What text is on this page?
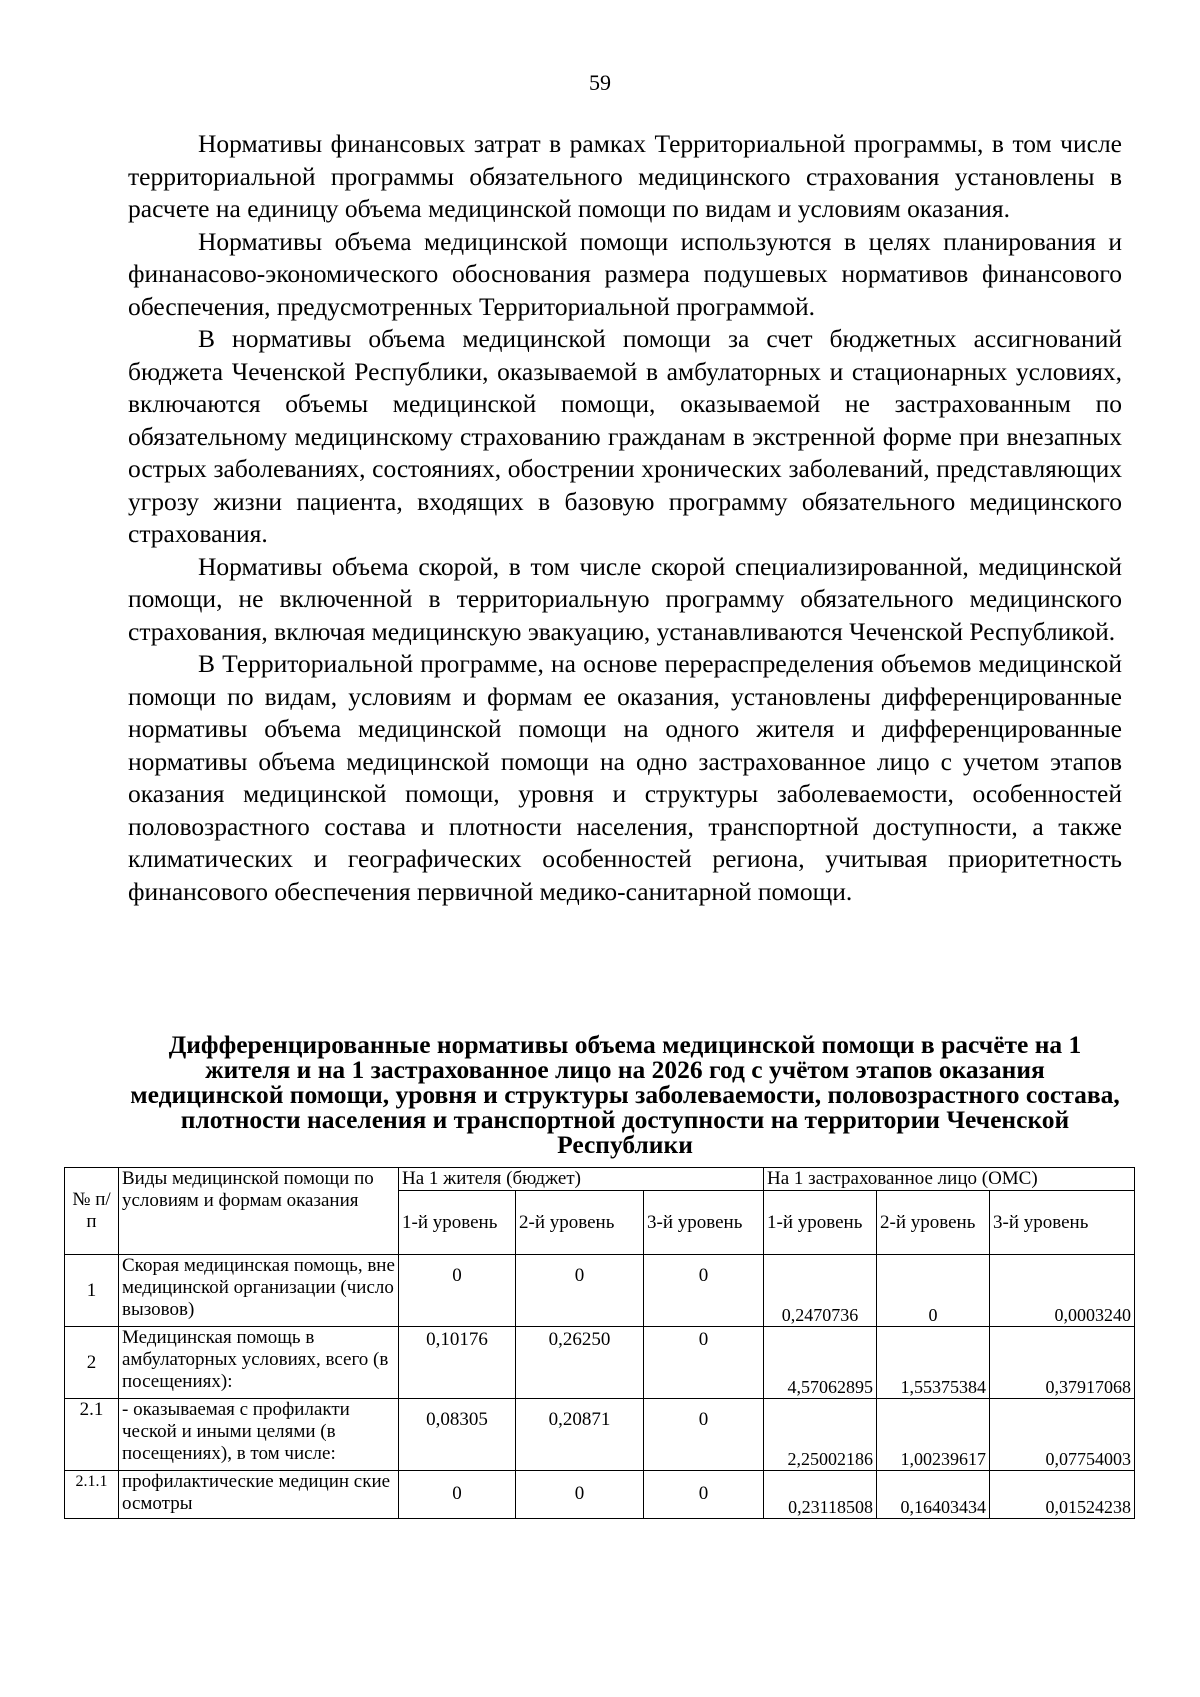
59

Нормативы финансовых затрат в рамках Территориальной программы, в том числе территориальной программы обязательного медицинского страхования установлены в расчете на единицу объема медицинской помощи по видам и условиям оказания.

Нормативы объема медицинской помощи используются в целях планирования и финанасово-экономического обоснования размера подушевых нормативов финансового обеспечения, предусмотренных Территориальной программой.

В нормативы объема медицинской помощи за счет бюджетных ассигнований бюджета Чеченской Республики, оказываемой в амбулаторных и стационарных условиях, включаются объемы медицинской помощи, оказываемой не застрахованным по обязательному медицинскому страхованию гражданам в экстренной форме при внезапных острых заболеваниях, состояниях, обострении хронических заболеваний, представляющих угрозу жизни пациента, входящих в базовую программу обязательного медицинского страхования.

Нормативы объема скорой, в том числе скорой специализированной, медицинской помощи, не включенной в территориальную программу обязательного медицинского страхования, включая медицинскую эвакуацию, устанавливаются Чеченской Республикой.

В Территориальной программе, на основе перераспределения объемов медицинской помощи по видам, условиям и формам ее оказания, установлены дифференцированные нормативы объема медицинской помощи на одного жителя и дифференцированные нормативы объема медицинской помощи на одно застрахованное лицо с учетом этапов оказания медицинской помощи, уровня и структуры заболеваемости, особенностей половозрастного состава и плотности населения, транспортной доступности, а также климатических и географических особенностей региона, учитывая приоритетность финансового обеспечения первичной медико-санитарной помощи.

Дифференцированные нормативы объема медицинской помощи в расчёте на 1 жителя и на 1 застрахованное лицо на 2026 год с учётом этапов оказания медицинской помощи, уровня и структуры заболеваемости, половозрастного состава, плотности населения и транспортной доступности на территории Чеченской Республики
№ п/п	Виды медицинской помощи по условиям и формам оказания	На 1 жителя (бюджет)			На 1 застрахованное лицо (ОМС)		
		1-й уровень	2-й уровень	3-й уровень	1-й уровень	2-й уровень	3-й уровень
1	Скорая медицинская помощь, вне медицинской организации (число вызовов)	0	0	0	0,2470736	0	0,0003240
2	Медицинская помощь в амбулаторных условиях, всего (в посещениях):	0,10176	0,26250	0	4,57062895	1,55375384	0,37917068
2.1	- оказываемая с профилакти ческой и иными целями (в посещениях), в том числе:	0,08305	0,20871	0	2,25002186	1,00239617	0,07754003
2.1.1	профилактические медицин ские осмотры	0	0	0	0,23118508	0,16403434	0,01524238
